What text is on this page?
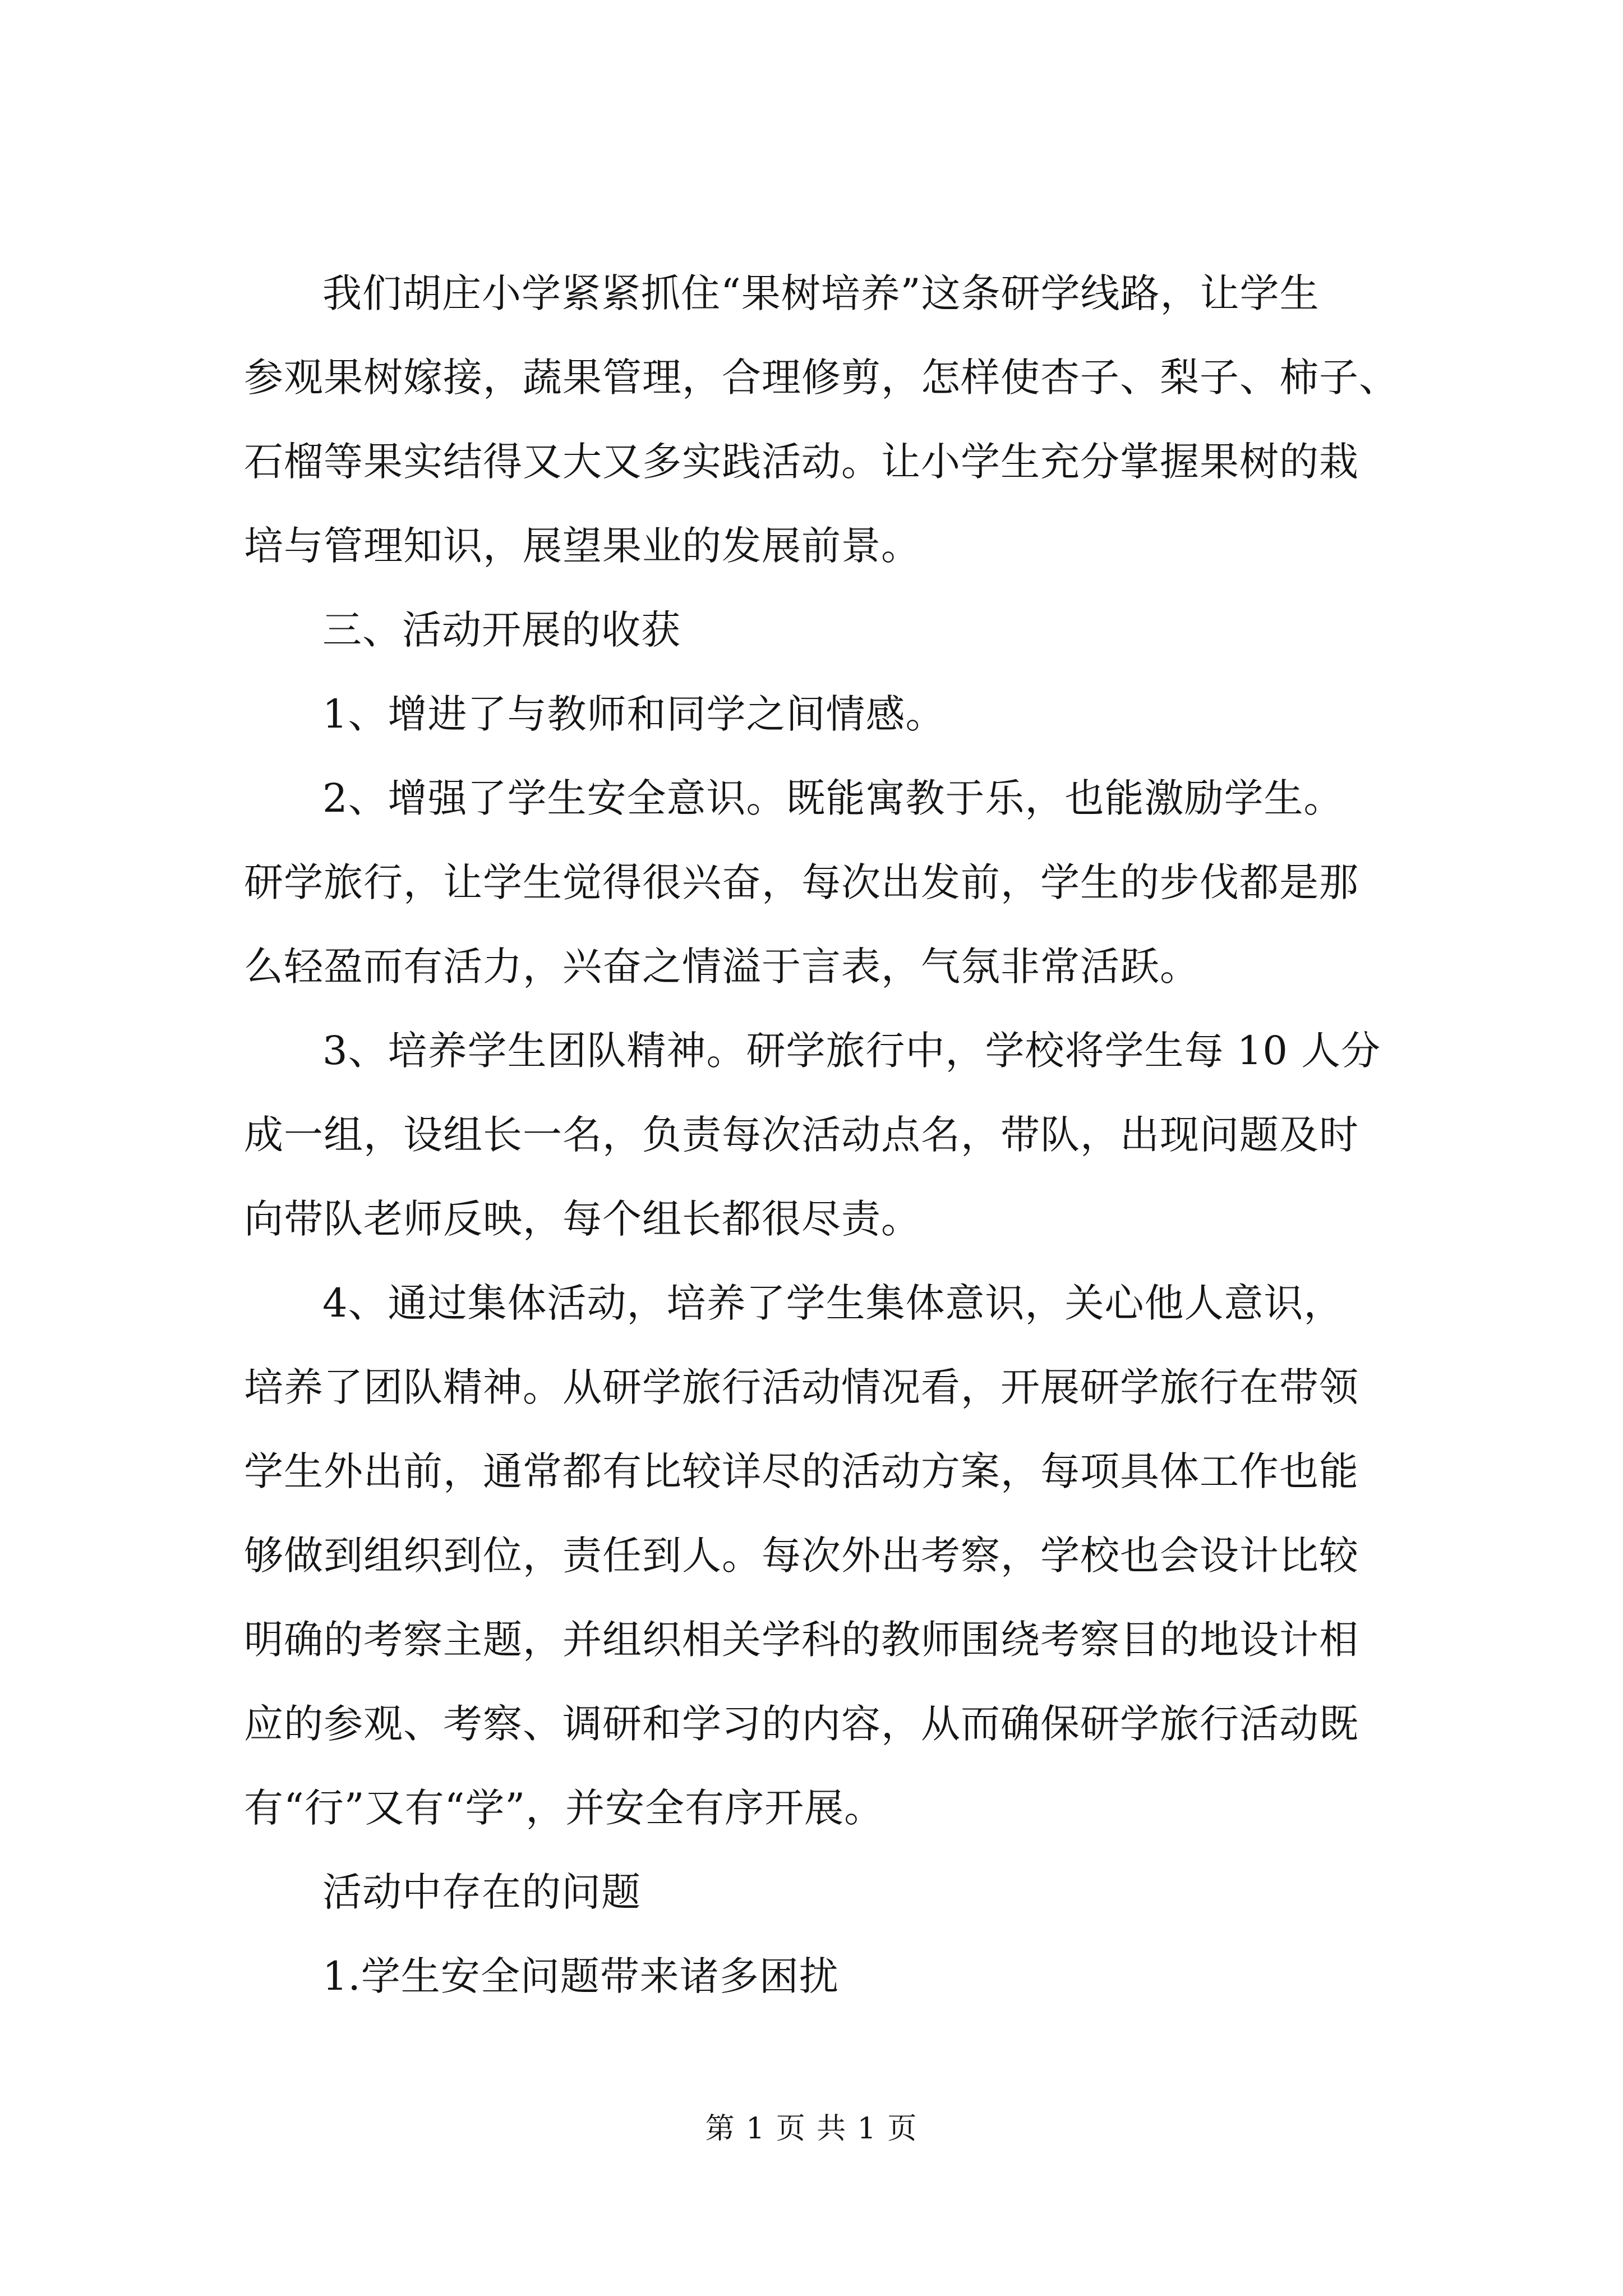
我们胡庄小学紧紧抓住“果树培养”这条研学线路，让学生
参观果树嫁接，蔬果管理，合理修剪，怎样使杏子、梨子、柿子、
石榴等果实结得又大又多实践活动。让小学生充分掌握果树的栽
培与管理知识，展望果业的发展前景。

三、活动开展的收获

1、增进了与教师和同学之间情感。

2、增强了学生安全意识。既能寓教于乐，也能激励学生。
研学旅行，让学生觉得很兴奋，每次出发前，学生的步伐都是那
么轻盈而有活力，兴奋之情溢于言表，气氛非常活跃。

3、培养学生团队精神。研学旅行中，学校将学生每 10 人分
成一组，设组长一名，负责每次活动点名，带队，出现问题及时
向带队老师反映，每个组长都很尽责。

4、通过集体活动，培养了学生集体意识，关心他人意识，
培养了团队精神。从研学旅行活动情况看，开展研学旅行在带领
学生外出前，通常都有比较详尽的活动方案，每项具体工作也能
够做到组织到位，责任到人。每次外出考察，学校也会设计比较
明确的考察主题，并组织相关学科的教师围绕考察目的地设计相
应的参观、考察、调研和学习的内容，从而确保研学旅行活动既
有“行”又有“学”，并安全有序开展。

活动中存在的问题

1.学生安全问题带来诸多困扰

第 1 页 共 1 页
